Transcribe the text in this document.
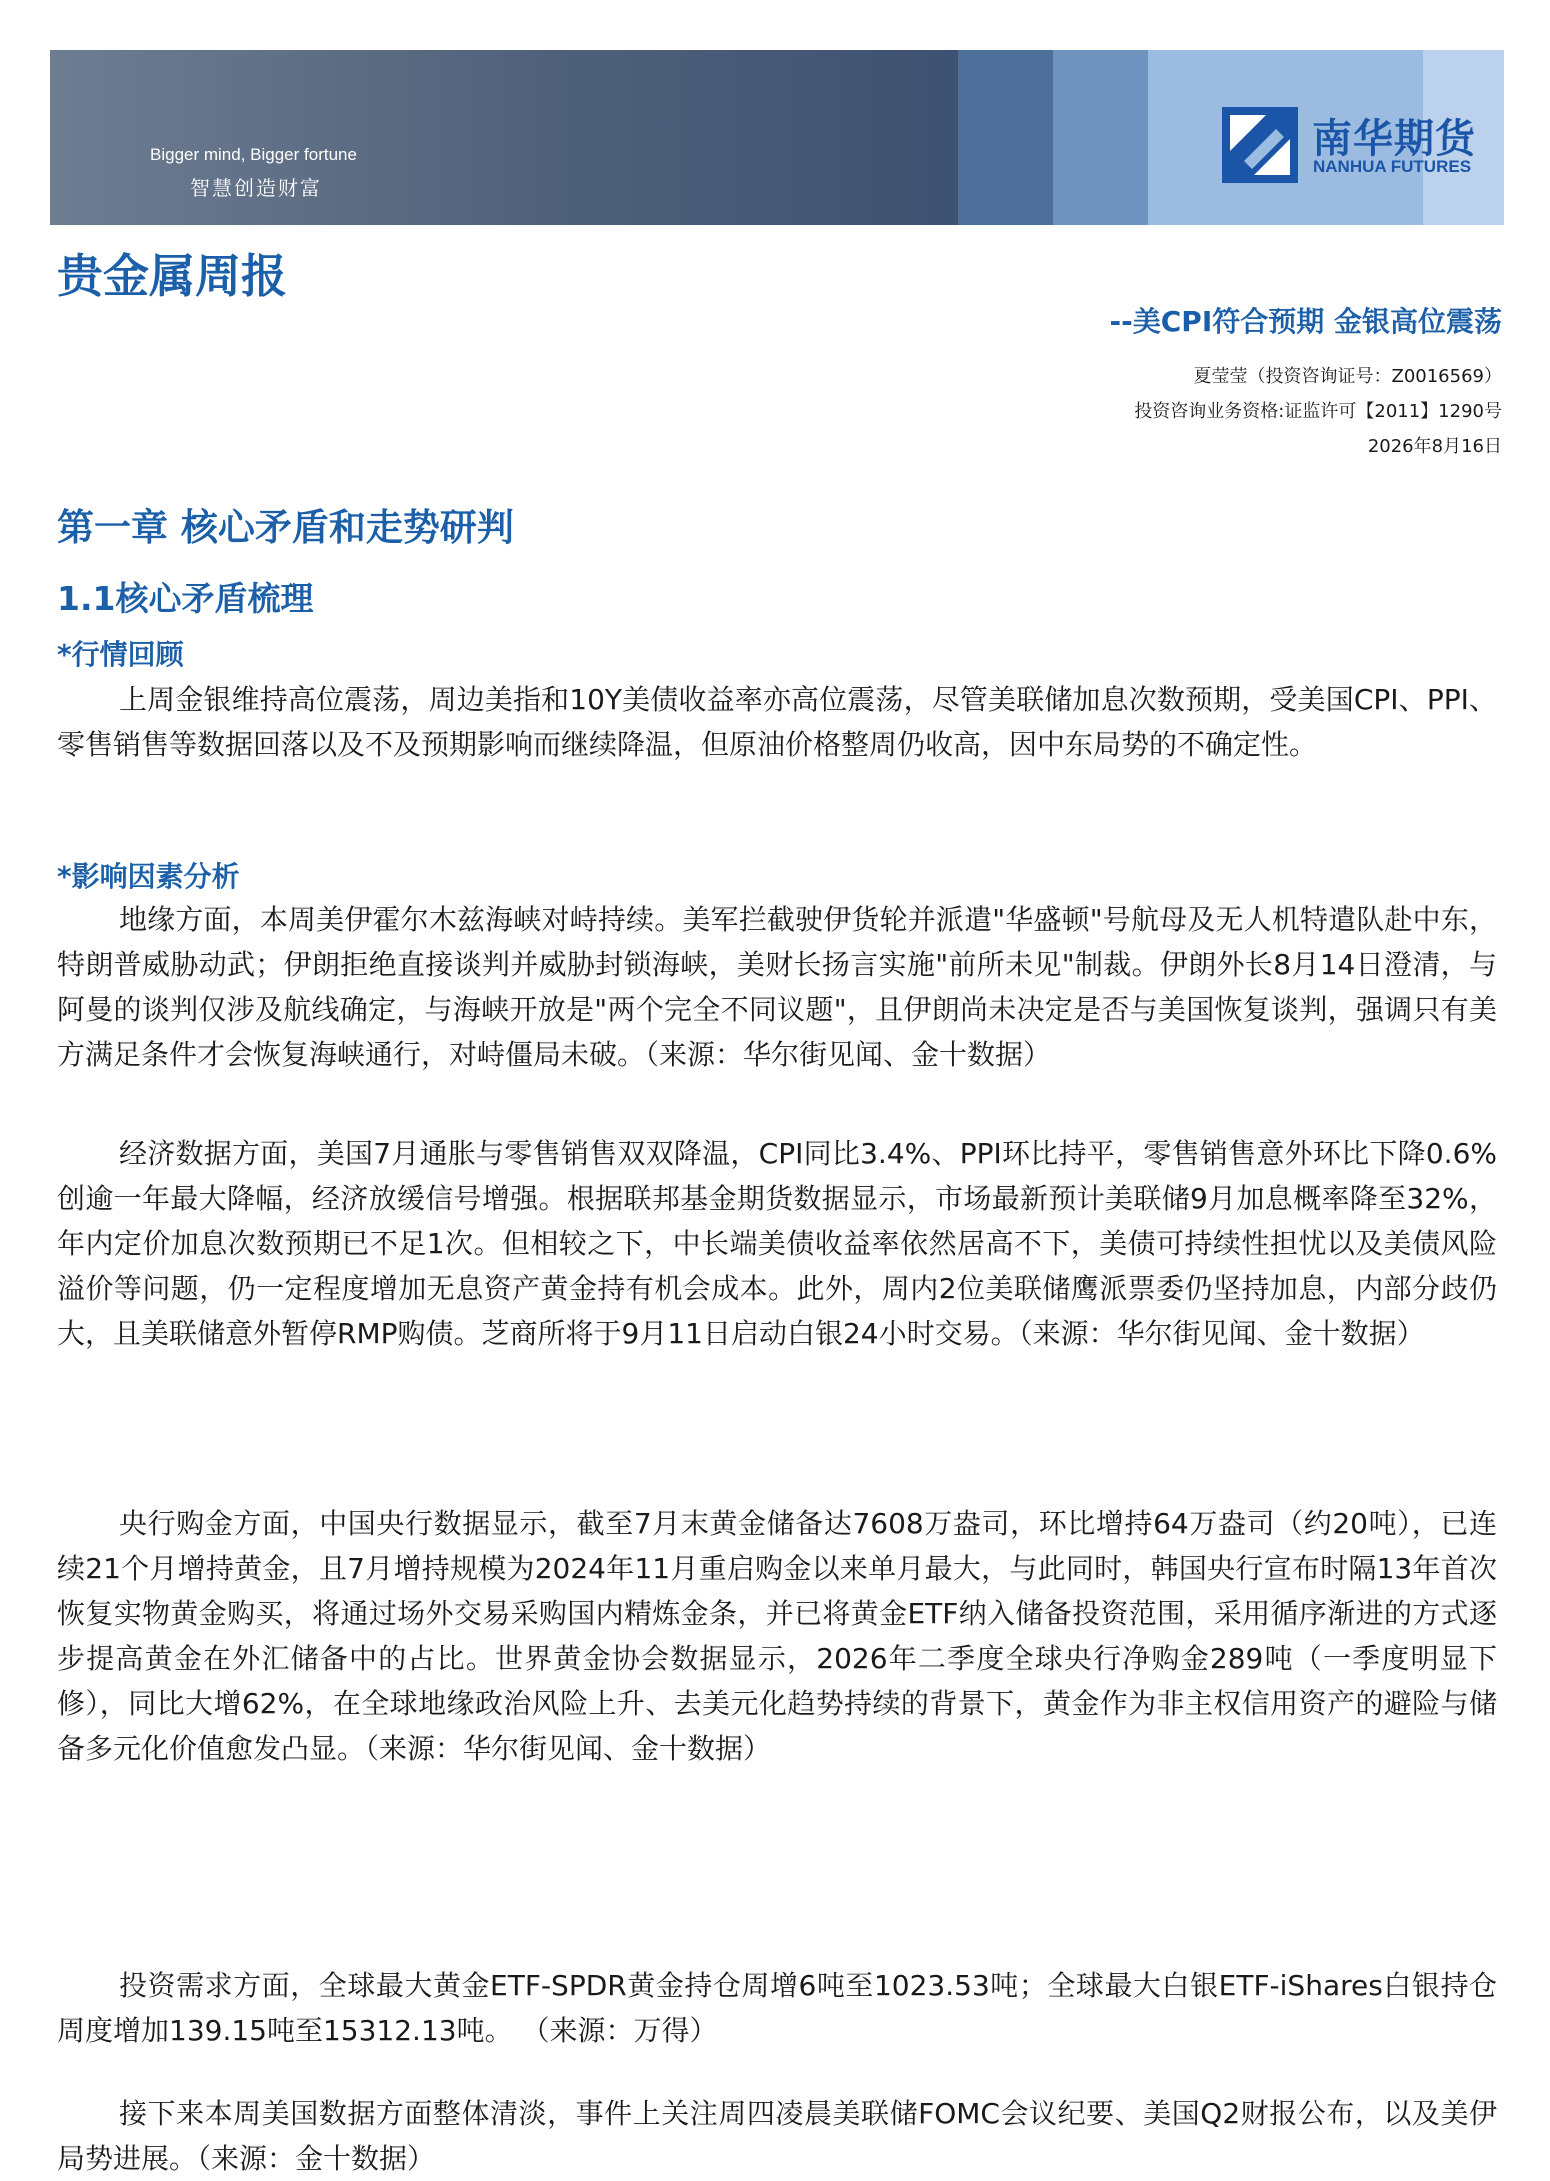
Bigger mind, Bigger fortune
智慧创造财富
南华期货
NANHUA FUTURES
贵金属周报
--美CPI符合预期 金银高位震荡
夏莹莹（投资咨询证号：Z0016569）
投资咨询业务资格:证监许可【2011】1290号
2026年8月16日
第一章 核心矛盾和走势研判
1.1核心矛盾梳理
*行情回顾

上周金银维持高位震荡，周边美指和10Y美债收益率亦高位震荡，尽管美联储加息次数预期，受美国CPI、PPI、零售销售等数据回落以及不及预期影响而继续降温，但原油价格整周仍收高，因中东局势的不确定性。

*影响因素分析

地缘方面，本周美伊霍尔木兹海峡对峙持续。美军拦截驶伊货轮并派遣"华盛顿"号航母及无人机特遣队赴中东，特朗普威胁动武；伊朗拒绝直接谈判并威胁封锁海峡，美财长扬言实施"前所未见"制裁。伊朗外长8月14日澄清，与阿曼的谈判仅涉及航线确定，与海峡开放是"两个完全不同议题"，且伊朗尚未决定是否与美国恢复谈判，强调只有美方满足条件才会恢复海峡通行，对峙僵局未破。（来源：华尔街见闻、金十数据）

经济数据方面，美国7月通胀与零售销售双双降温，CPI同比3.4%、PPI环比持平，零售销售意外环比下降0.6%创逾一年最大降幅，经济放缓信号增强。根据联邦基金期货数据显示，市场最新预计美联储9月加息概率降至32%，年内定价加息次数预期已不足1次。但相较之下，中长端美债收益率依然居高不下，美债可持续性担忧以及美债风险溢价等问题，仍一定程度增加无息资产黄金持有机会成本。此外，周内2位美联储鹰派票委仍坚持加息，内部分歧仍大，且美联储意外暂停RMP购债。芝商所将于9月11日启动白银24小时交易。（来源：华尔街见闻、金十数据）

央行购金方面，中国央行数据显示，截至7月末黄金储备达7608万盎司，环比增持64万盎司（约20吨），已连续21个月增持黄金，且7月增持规模为2024年11月重启购金以来单月最大，与此同时，韩国央行宣布时隔13年首次恢复实物黄金购买，将通过场外交易采购国内精炼金条，并已将黄金ETF纳入储备投资范围，采用循序渐进的方式逐步提高黄金在外汇储备中的占比。世界黄金协会数据显示，2026年二季度全球央行净购金289吨（一季度明显下修），同比大增62%，在全球地缘政治风险上升、去美元化趋势持续的背景下，黄金作为非主权信用资产的避险与储备多元化价值愈发凸显。（来源：华尔街见闻、金十数据）

投资需求方面，全球最大黄金ETF-SPDR黄金持仓周增6吨至1023.53吨；全球最大白银ETF-iShares白银持仓周度增加139.15吨至15312.13吨。 （来源：万得）

接下来本周美国数据方面整体清淡，事件上关注周四凌晨美联储FOMC会议纪要、美国Q2财报公布，以及美伊局势进展。（来源：金十数据）
